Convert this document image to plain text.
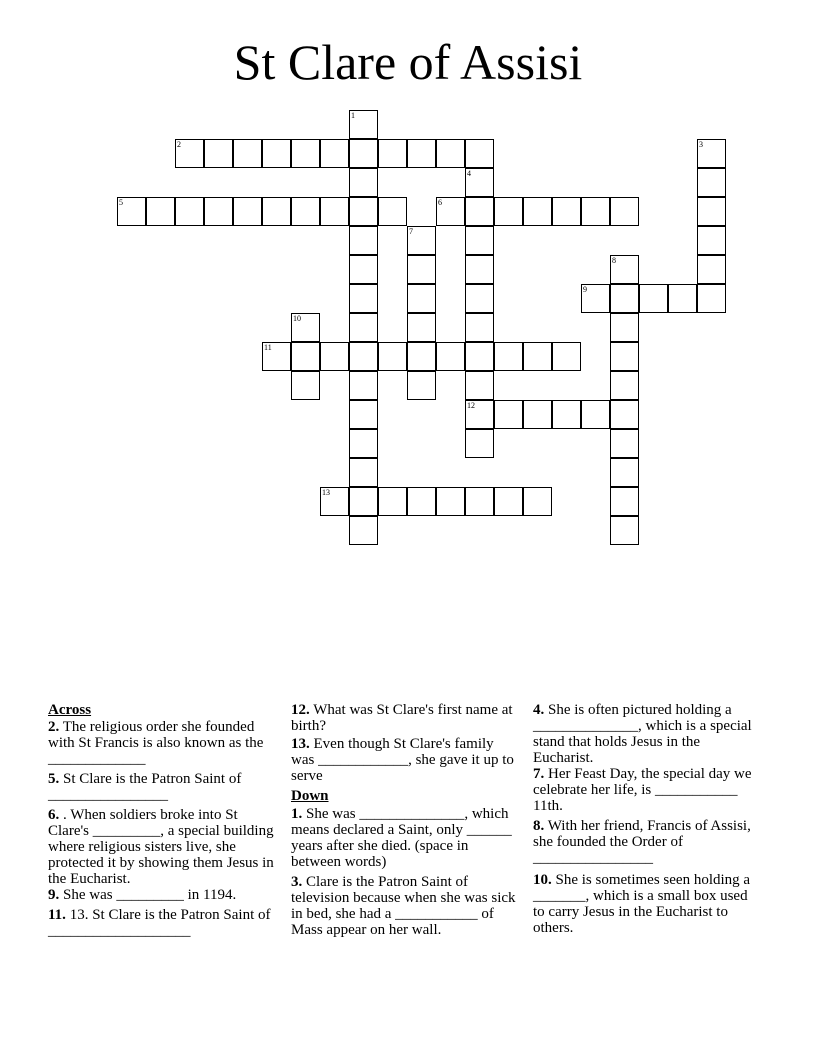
St Clare of Assisi
1
2	3
4
12
5	6
7
8
9
10
11
13
Across
2. The religious order she founded with St Francis is also known as the _____________
5. St Clare is the Patron Saint of ________________
6. . When soldiers broke into St Clare's _________, a special building where religious sisters live, she protected it by showing them Jesus in the Eucharist.
9. She was _________ in 1194.
11. 13. St Clare is the Patron Saint of ___________________
12. What was St Clare's first name at birth?
13. Even though St Clare's family was ____________, she gave it up to serve
Down
1. She was ______________, which means declared a Saint, only ______ years after she died. (space in between words)
3. Clare is the Patron Saint of television because when she was sick in bed, she had a ___________ of Mass appear on her wall.
4. She is often pictured holding a ______________, which is a special stand that holds Jesus in the Eucharist.
7. Her Feast Day, the special day we celebrate her life, is ___________ 11th.
8. With her friend, Francis of Assisi, she founded the Order of ________________
10. She is sometimes seen holding a _______, which is a small box used to carry Jesus in the Eucharist to others.
